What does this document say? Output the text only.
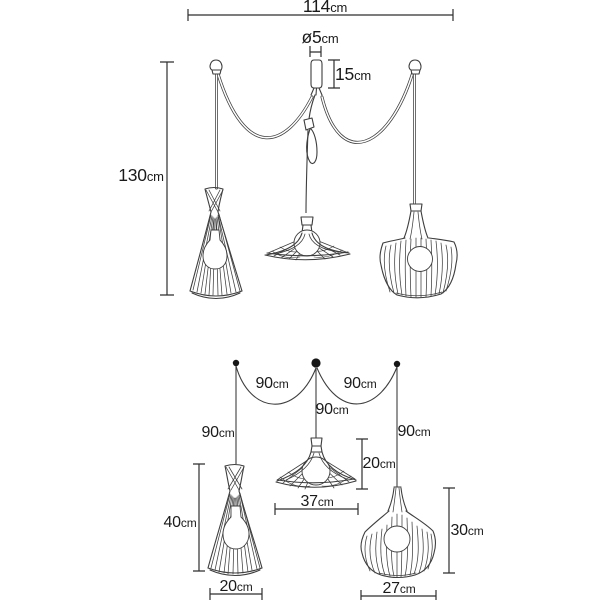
114cm
ø5cm
15cm
130cm
90cm	90cm
90cm
90cm
90cm
40cm
20cm
20cm
37cm
30cm
27cm
